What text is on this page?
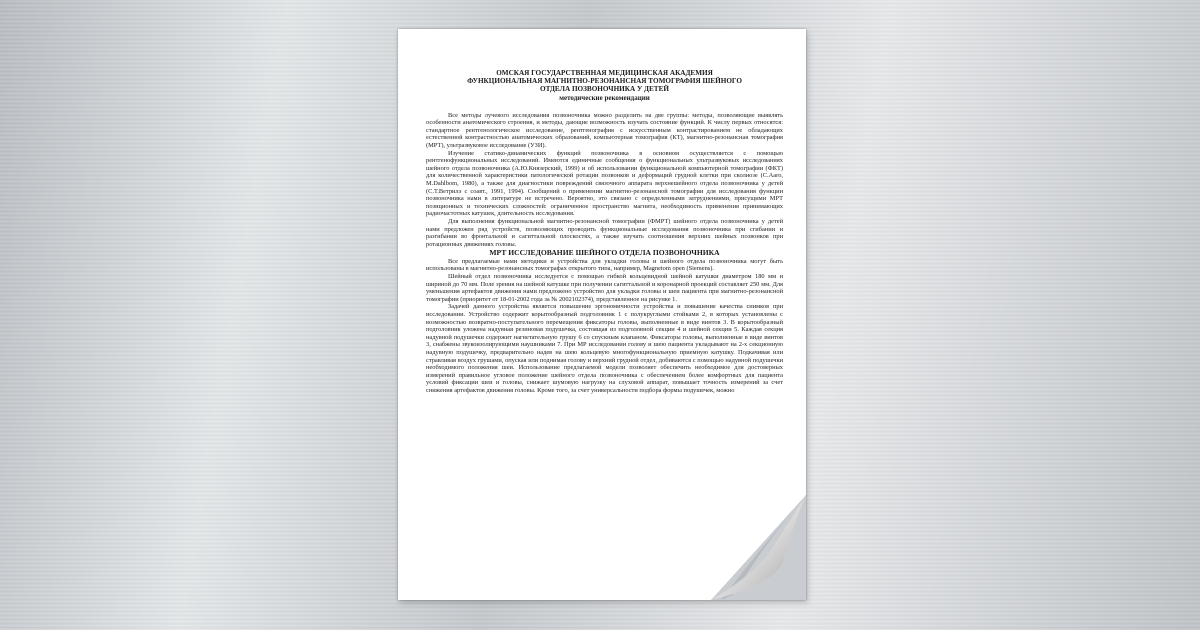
ОМСКАЯ ГОСУДАРСТВЕННАЯ МЕДИЦИНСКАЯ АКАДЕМИЯ
ФУНКЦИОНАЛЬНАЯ МАГНИТНО-РЕЗОНАНСНАЯ ТОМОГРАФИЯ ШЕЙНОГО
ОТДЕЛА ПОЗВОНОЧНИКА У ДЕТЕЙ
методические рекомендации

Все методы лучевого исследования позвоночника можно разделить на две группы: методы, позволяющие выявлять особенности анатомического строения, и методы, дающие возможность изучать состояние функций. К числу первых относятся: стандартное рентгенологическое исследование, рентгенография с искусственным контрастированием не обладающих естественной контрастностью анатомических образований, компьютерная томография (КТ), магнитно-резонансная томография (МРТ), ультразвуковое исследование (УЗИ).

Изучение статико-динамических функций позвоночника в основном осуществляется с помощью рентгенофункциональных исследований. Имеются единичные сообщения о функциональных ультразвуковых исследованиях шейного отдела позвоночника (А.Ю.Князерский, 1999) и об использовании функциональной компьютерной томографии (ФКТ) для количественной характеристики патологической ротации позвонков и деформаций грудной клетки при сколиозе (C.Aaro, M.Dahlbom, 1980), а также для диагностики повреждений связочного аппарата верхнешейного отдела позвоночника у детей (С.Т.Ветрилэ с соавт., 1991, 1994). Сообщений о применении магнитно-резонансной томографии для исследования функции позвоночника нами в литературе не встречено. Вероятно, это связано с определенными затруднениями, присущими МРТ позиционных и технических сложностей: ограниченное пространство магнита, необходимость применения принимающих радиочастотных катушек, длительность исследования.

Для выполнения функциональной магнитно-резонансной томографии (ФМРТ) шейного отдела позвоночника у детей нами предложен ряд устройств, позволяющих проводить функциональные исследования позвоночника при сгибании и разгибании во фронтальной и сагиттальной плоскостях, а также изучать соотношения верхних шейных позвонков при ротационных движениях головы.

МРТ ИССЛЕДОВАНИЕ ШЕЙНОГО ОТДЕЛА ПОЗВОНОЧНИКА

Все предлагаемые нами методики и устройства для укладки головы и шейного отдела позвоночника могут быть использованы в магнитно-резонансных томографах открытого типа, например, Magnetom open (Siemens).

Шейный отдел позвоночника исследуется с помощью гибкой кольцевидной шейной катушки диаметром 180 мм и шириной до 70 мм. Поле зрения на шейной катушке при получении сагиттальной и коронарной проекций составляет 250 мм. Для уменьшения артефактов движения нами предложено устройство для укладки головы и шеи пациента при магнитно-резонансной томографии (приоритет от 18-01-2002 года за № 2002102374), представленное на рисунке 1.

Задачей данного устройства является повышение эргономичности устройства и повышение качества снимков при исследовании. Устройство содержит корытообразный подголовник 1 с полукруглыми стойками 2, в которых установлены с возможностью возвратно-поступательного перемещения фиксаторы головы, выполненные в виде винтов 3. В корытообразный подголовник уложена надувная резиновая подушечка, состоящая из подголовной секции 4 и шейной секции 5. Каждая секция надувной подушечки содержит нагнетательную грушу 6 со спускным клапаном. Фиксаторы головы, выполненные в виде винтов 3, снабжены звукоизолирующими наушниками 7. При МР исследовании голову и шею пациента укладывают на 2-х секционную надувную подушечку, предварительно надев на шею кольцевую многофункциональную приемную катушку. Подкачивая или стравливая воздух грушами, опуская или поднимая голову и верхний грудной отдел, добиваются с помощью надувной подушечки необходимого положения шеи. Использование предлагаемой модели позволяет обеспечить необходимое для достоверных измерений правильное угловое положение шейного отдела позвоночника с обеспечением более комфортных для пациента условий фиксации шеи и головы, снижает шумовую нагрузку на слуховой аппарат, повышает точность измерений за счет снижения артефактов движения головы. Кроме того, за счет универсальности подбора формы подушечек, можно
